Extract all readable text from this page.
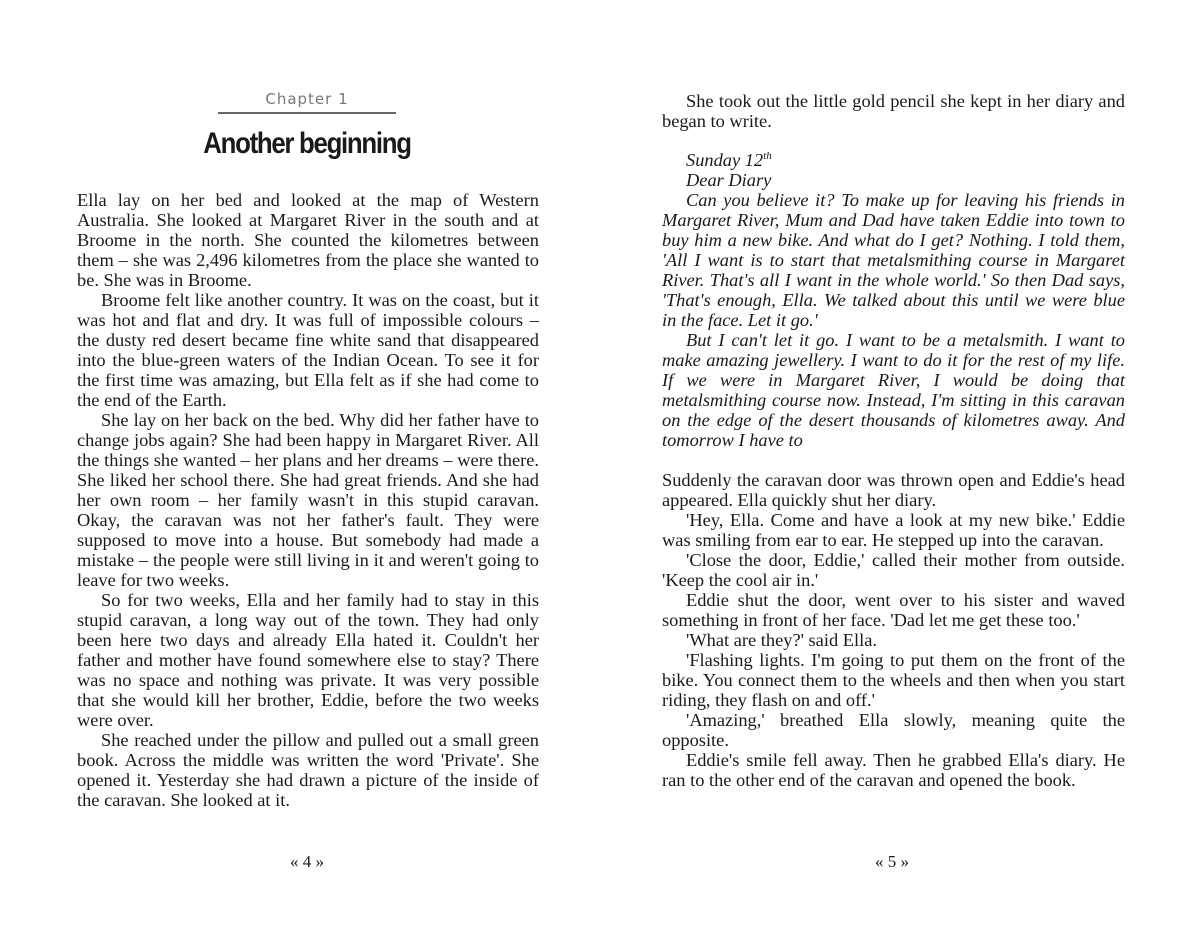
Chapter 1
Another beginning

Ella lay on her bed and looked at the map of Western Australia. She looked at Margaret River in the south and at Broome in the north. She counted the kilometres between them – she was 2,496 kilometres from the place she wanted to be. She was in Broome.

Broome felt like another country. It was on the coast, but it was hot and flat and dry. It was full of impossible colours – the dusty red desert became fine white sand that disappeared into the blue-green waters of the Indian Ocean. To see it for the first time was amazing, but Ella felt as if she had come to the end of the Earth.

She lay on her back on the bed. Why did her father have to change jobs again? She had been happy in Margaret River. All the things she wanted – her plans and her dreams – were there. She liked her school there. She had great friends. And she had her own room – her family wasn't in this stupid caravan. Okay, the caravan was not her father's fault. They were supposed to move into a house. But somebody had made a mistake – the people were still living in it and weren't going to leave for two weeks.

So for two weeks, Ella and her family had to stay in this stupid caravan, a long way out of the town. They had only been here two days and already Ella hated it. Couldn't her father and mother have found somewhere else to stay? There was no space and nothing was private. It was very possible that she would kill her brother, Eddie, before the two weeks were over.

She reached under the pillow and pulled out a small green book. Across the middle was written the word 'Private'. She opened it. Yesterday she had drawn a picture of the inside of the caravan. She looked at it.

She took out the little gold pencil she kept in her diary and began to write.

Sunday 12th

Dear Diary

Can you believe it? To make up for leaving his friends in Margaret River, Mum and Dad have taken Eddie into town to buy him a new bike. And what do I get? Nothing. I told them, 'All I want is to start that metalsmithing course in Margaret River. That's all I want in the whole world.' So then Dad says, 'That's enough, Ella. We talked about this until we were blue in the face. Let it go.'

But I can't let it go. I want to be a metalsmith. I want to make amazing jewellery. I want to do it for the rest of my life. If we were in Margaret River, I would be doing that metalsmithing course now. Instead, I'm sitting in this caravan on the edge of the desert thousands of kilometres away. And tomorrow I have to

Suddenly the caravan door was thrown open and Eddie's head appeared. Ella quickly shut her diary.

'Hey, Ella. Come and have a look at my new bike.' Eddie was smiling from ear to ear. He stepped up into the caravan.

'Close the door, Eddie,' called their mother from outside. 'Keep the cool air in.'

Eddie shut the door, went over to his sister and waved something in front of her face. 'Dad let me get these too.'

'What are they?' said Ella.

'Flashing lights. I'm going to put them on the front of the bike. You connect them to the wheels and then when you start riding, they flash on and off.'

'Amazing,' breathed Ella slowly, meaning quite the opposite.

Eddie's smile fell away. Then he grabbed Ella's diary. He ran to the other end of the caravan and opened the book.

« 4 »	« 5 »
